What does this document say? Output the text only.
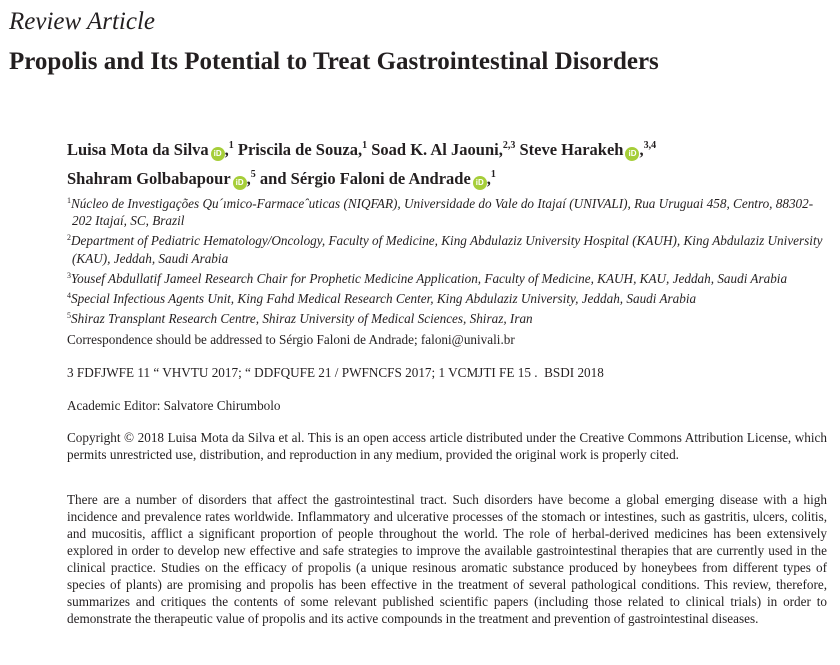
Review Article
Propolis and Its Potential to Treat Gastrointestinal Disorders
Luisa Mota da Silva iD ,$^1$ Priscila de Souza,$^1$ Soad K. Al Jaouni,$^{2,3}$ Steve Harakeh iD ,$^{3,4}$
Shahram Golbabapour iD ,$^5$ and Sérgio Faloni de Andrade iD ,$^1$
$^1$Núcleo de Investigações Qu´ımico-Farmaceˆuticas (NIQFAR), Universidade do Vale do Itajaí (UNIVALI), Rua Uruguai 458, Centro, 88302-202 Itajaí, SC, Brazil
$^2$Department of Pediatric Hematology/Oncology, Faculty of Medicine, King Abdulaziz University Hospital (KAUH), King Abdulaziz University (KAU), Jeddah, Saudi Arabia
$^3$Yousef Abdullatif Jameel Research Chair for Prophetic Medicine Application, Faculty of Medicine, KAUH, KAU, Jeddah, Saudi Arabia
$^4$Special Infectious Agents Unit, King Fahd Medical Research Center, King Abdulaziz University, Jeddah, Saudi Arabia
$^5$Shiraz Transplant Research Centre, Shiraz University of Medical Sciences, Shiraz, Iran
Correspondence should be addressed to Sérgio Faloni de Andrade; faloni@univali.br
3 FDFJWFE 11 “ VHVTU 2017; “ DDFQUFE 21 / PWFNCFS 2017; 1 VCMJTI FE 15 .  BSDI 2018
Academic Editor: Salvatore Chirumbolo
Copyright © 2018 Luisa Mota da Silva et al. This is an open access article distributed under the Creative Commons Attribution License, which permits unrestricted use, distribution, and reproduction in any medium, provided the original work is properly cited.
There are a number of disorders that affect the gastrointestinal tract. Such disorders have become a global emerging disease with a high incidence and prevalence rates worldwide. Inflammatory and ulcerative processes of the stomach or intestines, such as gastritis, ulcers, colitis, and mucositis, afflict a significant proportion of people throughout the world. The role of herbal-derived medicines has been extensively explored in order to develop new effective and safe strategies to improve the available gastrointestinal therapies that are currently used in the clinical practice. Studies on the efficacy of propolis (a unique resinous aromatic substance produced by honeybees from different types of species of plants) are promising and propolis has been effective in the treatment of several pathological conditions. This review, therefore, summarizes and critiques the contents of some relevant published scientific papers (including those related to clinical trials) in order to demonstrate the therapeutic value of propolis and its active compounds in the treatment and prevention of gastrointestinal diseases.
